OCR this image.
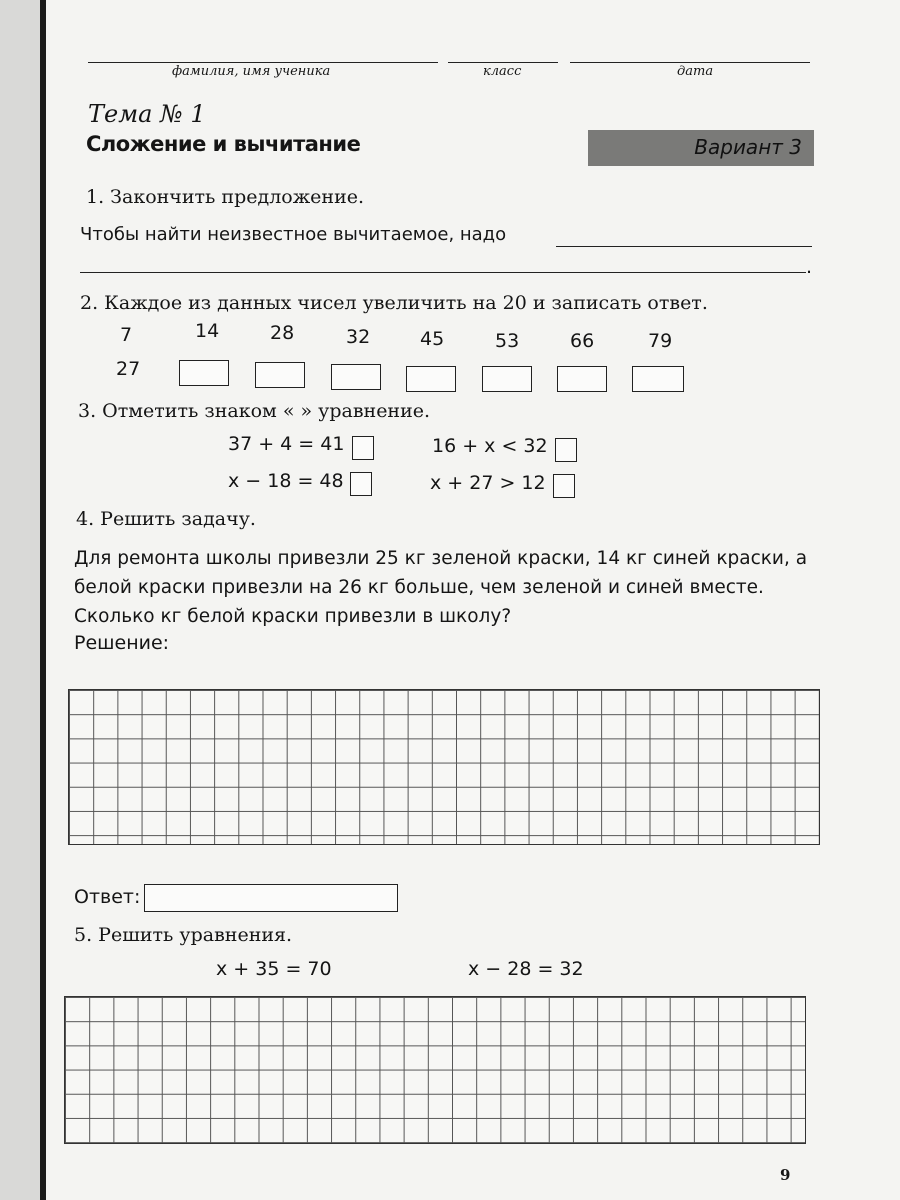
фамилия, имя ученика	класс	дата
Тема № 1
Сложение и вычитание	Вариант 3
1. Закончить предложение.
Чтобы найти неизвестное вычитаемое, надо
.
2. Каждое из данных чисел увеличить на 20 и записать ответ.
7	14	28	32	45	53	66	79
27
3. Отметить знаком « » уравнение.
37 + 4 = 41	16 + x < 32
x − 18 = 48	x + 27 > 12
4. Решить задачу.
Для ремонта школы привезли 25 кг зеленой краски, 14 кг синей краски, а белой краски привезли на 26 кг больше, чем зеленой и синей вместе. Сколько кг белой краски привезли в школу?
Решение:
Ответ:
5. Решить уравнения.
x + 35 = 70	x − 28 = 32
9
